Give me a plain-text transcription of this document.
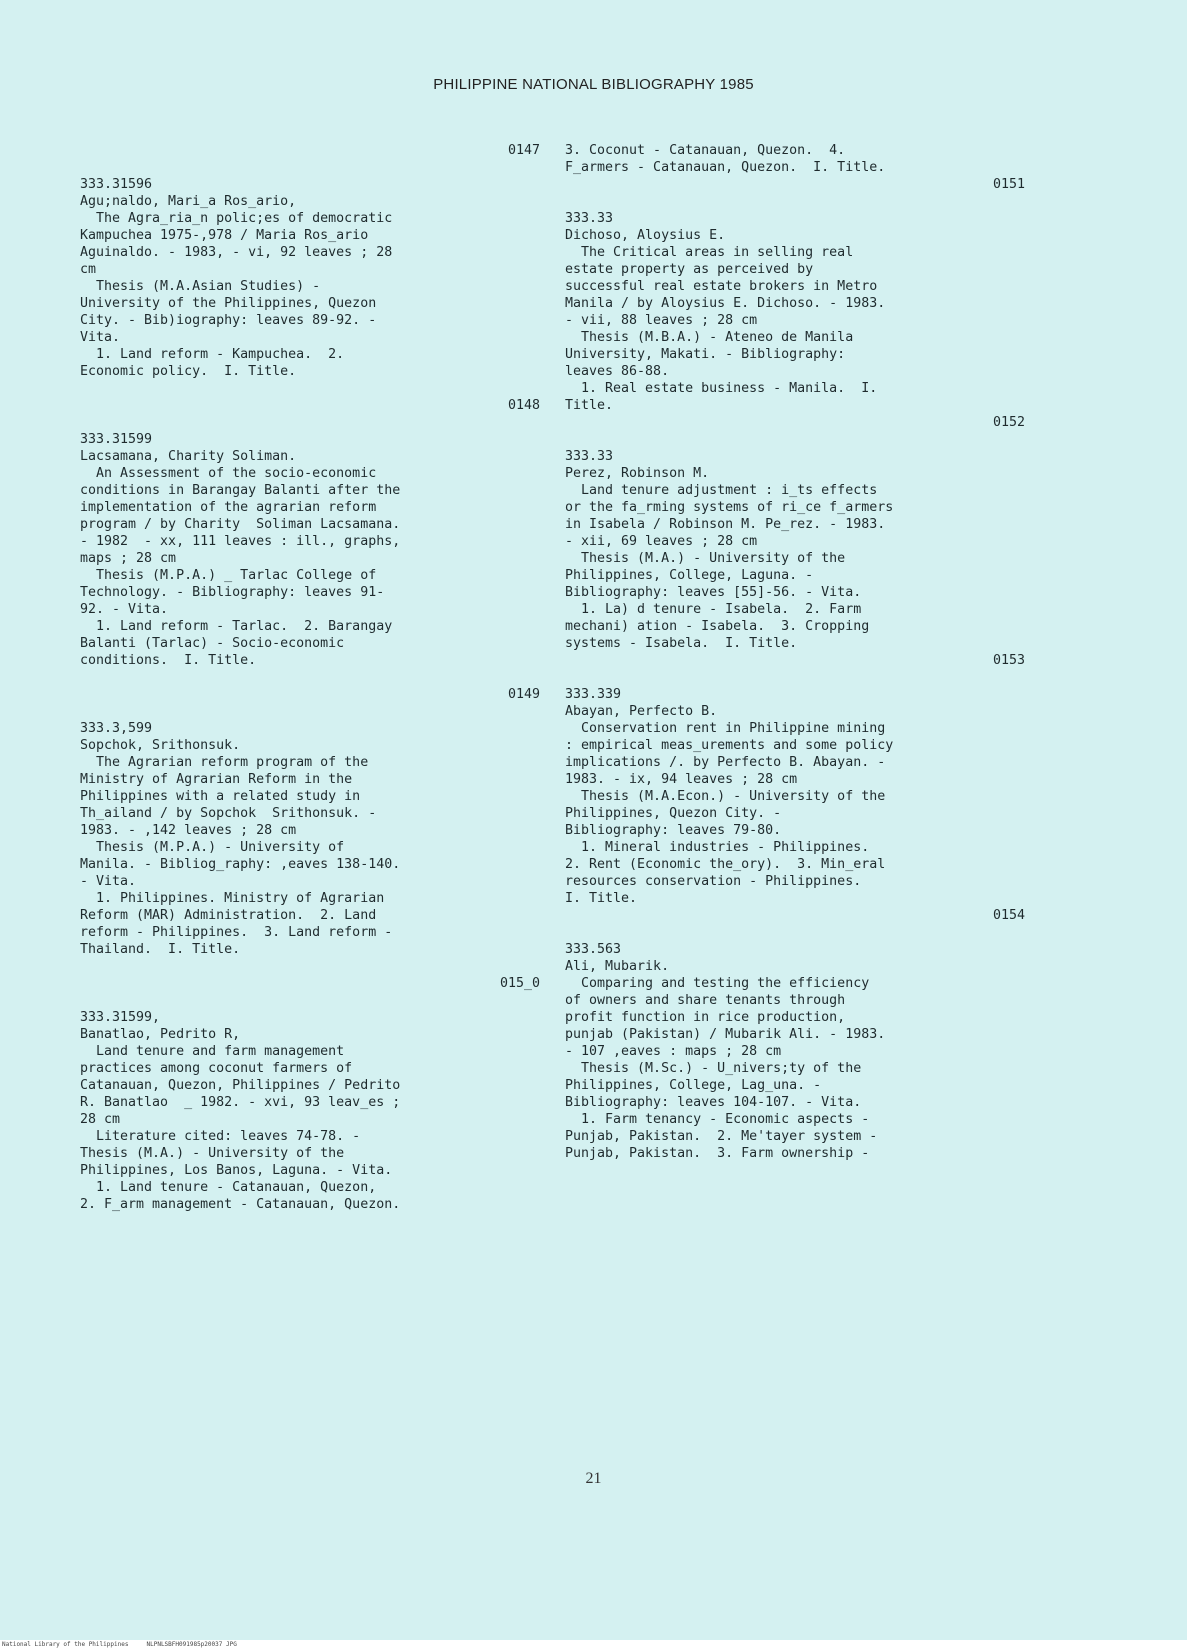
PHILIPPINE NATIONAL BIBLIOGRAPHY 1985
0147
333.31596
Agu;naldo, Mari_a Ros_ario,
The Agra_ria_n polic;es of democratic
Kampuchea 1975-,978 / Maria Ros_ario
Aguinaldo. - 1983, - vi, 92 leaves ; 28
cm
Thesis (M.A.Asian Studies) -
University of the Philippines, Quezon
City. - Bib)iography: leaves 89-92. -
Vita.
1. Land reform - Kampuchea.  2.
Economic policy.  I. Title.
0148
333.31599
Lacsamana, Charity Soliman.
An Assessment of the socio-economic
conditions in Barangay Balanti after the
implementation of the agrarian reform
program / by Charity  Soliman Lacsamana.
- 1982  - xx, 111 leaves : ill., graphs,
maps ; 28 cm
Thesis (M.P.A.) _ Tarlac College of
Technology. - Bibliography: leaves 91-
92. - Vita.
1. Land reform - Tarlac.  2. Barangay
Balanti (Tarlac) - Socio-economic
conditions.  I. Title.
0149
333.3,599
Sopchok, Srithonsuk.
The Agrarian reform program of the
Ministry of Agrarian Reform in the
Philippines with a related study in
Th_ailand / by Sopchok  Srithonsuk. -
1983. - ,142 leaves ; 28 cm
Thesis (M.P.A.) - University of
Manila. - Bibliog_raphy: ,eaves 138-140.
- Vita.
1. Philippines. Ministry of Agrarian
Reform (MAR) Administration.  2. Land
reform - Philippines.  3. Land reform -
Thailand.  I. Title.
015_0
333.31599,
Banatlao, Pedrito R,
Land tenure and farm management
practices among coconut farmers of
Catanauan, Quezon, Philippines / Pedrito
R. Banatlao  _ 1982. - xvi, 93 leav_es ;
28 cm
Literature cited: leaves 74-78. -
Thesis (M.A.) - University of the
Philippines, Los Banos, Laguna. - Vita.
1. Land tenure - Catanauan, Quezon,
2. F_arm management - Catanauan, Quezon.
3. Coconut - Catanauan, Quezon.  4.
F_armers - Catanauan, Quezon.  I. Title.
0151
333.33
Dichoso, Aloysius E.
The Critical areas in selling real
estate property as perceived by
successful real estate brokers in Metro
Manila / by Aloysius E. Dichoso. - 1983.
- vii, 88 leaves ; 28 cm
Thesis (M.B.A.) - Ateneo de Manila
University, Makati. - Bibliography:
leaves 86-88.
1. Real estate business - Manila.  I.
Title.
0152
333.33
Perez, Robinson M.
Land tenure adjustment : i_ts effects
or the fa_rming systems of ri_ce f_armers
in Isabela / Robinson M. Pe_rez. - 1983.
- xii, 69 leaves ; 28 cm
Thesis (M.A.) - University of the
Philippines, College, Laguna. -
Bibliography: leaves [55]-56. - Vita.
1. La) d tenure - Isabela.  2. Farm
mechani) ation - Isabela.  3. Cropping
systems - Isabela.  I. Title.
0153
333.339
Abayan, Perfecto B.
Conservation rent in Philippine mining
: empirical meas_urements and some policy
implications /. by Perfecto B. Abayan. -
1983. - ix, 94 leaves ; 28 cm
Thesis (M.A.Econ.) - University of the
Philippines, Quezon City. -
Bibliography: leaves 79-80.
1. Mineral industries - Philippines.
2. Rent (Economic the_ory).  3. Min_eral
resources conservation - Philippines.
I. Title.
0154
333.563
Ali, Mubarik.
Comparing and testing the efficiency
of owners and share tenants through
profit function in rice production,
punjab (Pakistan) / Mubarik Ali. - 1983.
- 107 ,eaves : maps ; 28 cm
Thesis (M.Sc.) - U_nivers;ty of the
Philippines, College, Lag_una. -
Bibliography: leaves 104-107. - Vita.
1. Farm tenancy - Economic aspects -
Punjab, Pakistan.  2. Me'tayer system -
Punjab, Pakistan.  3. Farm ownership -
21
National Library of the Philippines     NLPNLSBFH091985p20037 JPG
